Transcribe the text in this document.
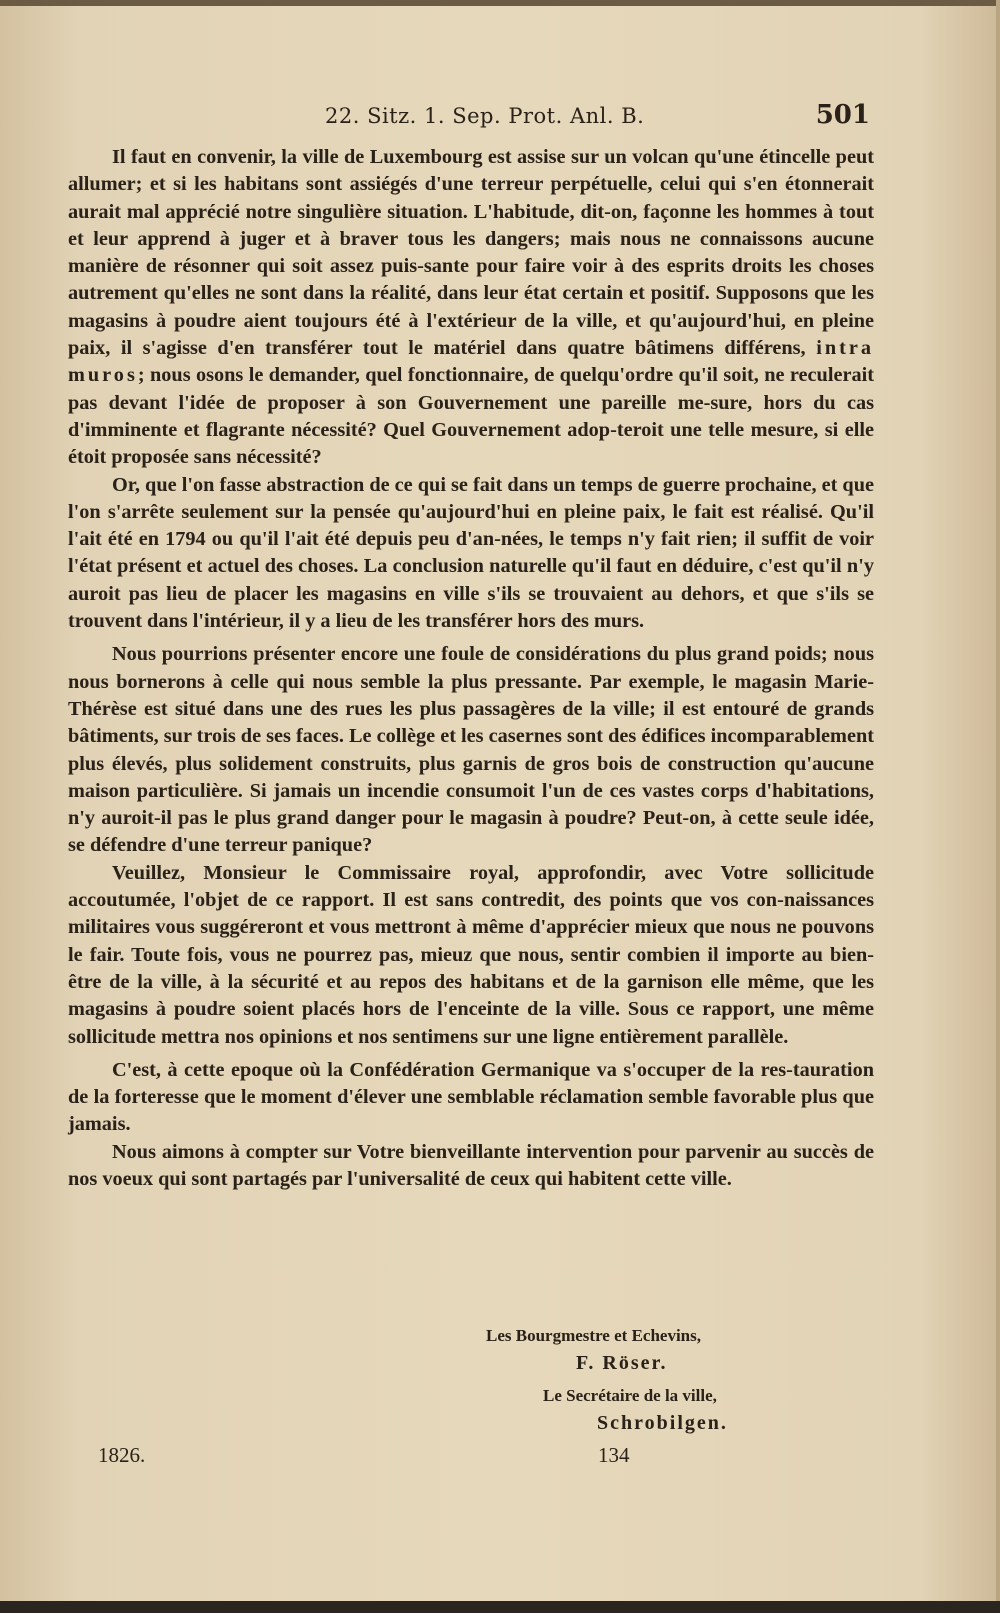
22. Sitz. 1. Sep. Prot. Anl. B.	501

Il faut en convenir, la ville de Luxembourg est assise sur un volcan qu'une étincelle peut allumer; et si les habitans sont assiégés d'une terreur perpétuelle, celui qui s'en étonnerait aurait mal apprécié notre singulière situation. L'habitude, dit-on, façonne les hommes à tout et leur apprend à juger et à braver tous les dangers; mais nous ne connaissons aucune manière de résonner qui soit assez puis-sante pour faire voir à des esprits droits les choses autrement qu'elles ne sont dans la réalité, dans leur état certain et positif. Supposons que les magasins à poudre aient toujours été à l'extérieur de la ville, et qu'aujourd'hui, en pleine paix, il s'agisse d'en transférer tout le matériel dans quatre bâtimens différens, intra muros; nous osons le demander, quel fonctionnaire, de quelqu'ordre qu'il soit, ne reculerait pas devant l'idée de proposer à son Gouvernement une pareille me-sure, hors du cas d'imminente et flagrante nécessité? Quel Gouvernement adop-teroit une telle mesure, si elle étoit proposée sans nécessité?

Or, que l'on fasse abstraction de ce qui se fait dans un temps de guerre prochaine, et que l'on s'arrête seulement sur la pensée qu'aujourd'hui en pleine paix, le fait est réalisé. Qu'il l'ait été en 1794 ou qu'il l'ait été depuis peu d'an-nées, le temps n'y fait rien; il suffit de voir l'état présent et actuel des choses. La conclusion naturelle qu'il faut en déduire, c'est qu'il n'y auroit pas lieu de placer les magasins en ville s'ils se trouvaient au dehors, et que s'ils se trouvent dans l'intérieur, il y a lieu de les transférer hors des murs.

Nous pourrions présenter encore une foule de considérations du plus grand poids; nous nous bornerons à celle qui nous semble la plus pressante. Par exemple, le magasin Marie-Thérèse est situé dans une des rues les plus passagères de la ville; il est entouré de grands bâtiments, sur trois de ses faces. Le collège et les casernes sont des édifices incomparablement plus élevés, plus solidement construits, plus garnis de gros bois de construction qu'aucune maison particulière. Si jamais un incendie consumoit l'un de ces vastes corps d'habitations, n'y auroit-il pas le plus grand danger pour le magasin à poudre? Peut-on, à cette seule idée, se défendre d'une terreur panique?

Veuillez, Monsieur le Commissaire royal, approfondir, avec Votre sollicitude accoutumée, l'objet de ce rapport. Il est sans contredit, des points que vos con-naissances militaires vous suggéreront et vous mettront à même d'apprécier mieux que nous ne pouvons le fair. Toute fois, vous ne pourrez pas, mieuz que nous, sentir combien il importe au bien-être de la ville, à la sécurité et au repos des habitans et de la garnison elle même, que les magasins à poudre soient placés hors de l'enceinte de la ville. Sous ce rapport, une même sollicitude mettra nos opinions et nos sentimens sur une ligne entièrement parallèle.

C'est, à cette epoque où la Confédération Germanique va s'occuper de la res-tauration de la forteresse que le moment d'élever une semblable réclamation semble favorable plus que jamais.

Nous aimons à compter sur Votre bienveillante intervention pour parvenir au succès de nos voeux qui sont partagés par l'universalité de ceux qui habitent cette ville.

Les Bourgmestre et Echevins,
F. Röser.
Le Secrétaire de la ville,
Schrobilgen.
1826.	134
